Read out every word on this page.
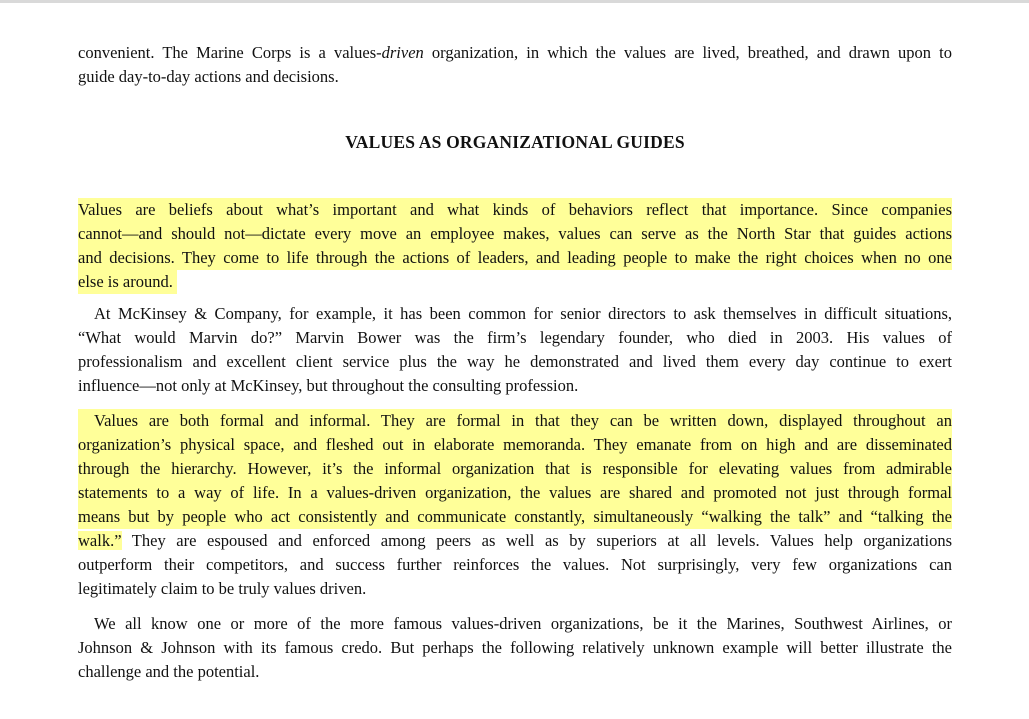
convenient. The Marine Corps is a values-driven organization, in which the values are lived, breathed, and drawn upon to
guide day-to-day actions and decisions.
VALUES AS ORGANIZATIONAL GUIDES
Values are beliefs about what’s important and what kinds of behaviors reflect that importance. Since companies
cannot—and should not—dictate every move an employee makes, values can serve as the North Star that guides actions
and decisions. They come to life through the actions of leaders, and leading people to make the right choices when no one
else is around.
At McKinsey & Company, for example, it has been common for senior directors to ask themselves in difficult situations,
“What would Marvin do?” Marvin Bower was the firm’s legendary founder, who died in 2003. His values of
professionalism and excellent client service plus the way he demonstrated and lived them every day continue to exert
influence—not only at McKinsey, but throughout the consulting profession.
Values are both formal and informal. They are formal in that they can be written down, displayed throughout an
organization’s physical space, and fleshed out in elaborate memoranda. They emanate from on high and are disseminated
through the hierarchy. However, it’s the informal organization that is responsible for elevating values from admirable
statements to a way of life. In a values-driven organization, the values are shared and promoted not just through formal
means but by people who act consistently and communicate constantly, simultaneously “walking the talk” and “talking the
walk.” They are espoused and enforced among peers as well as by superiors at all levels. Values help organizations
outperform their competitors, and success further reinforces the values. Not surprisingly, very few organizations can
legitimately claim to be truly values driven.
We all know one or more of the more famous values-driven organizations, be it the Marines, Southwest Airlines, or
Johnson & Johnson with its famous credo. But perhaps the following relatively unknown example will better illustrate the
challenge and the potential.
